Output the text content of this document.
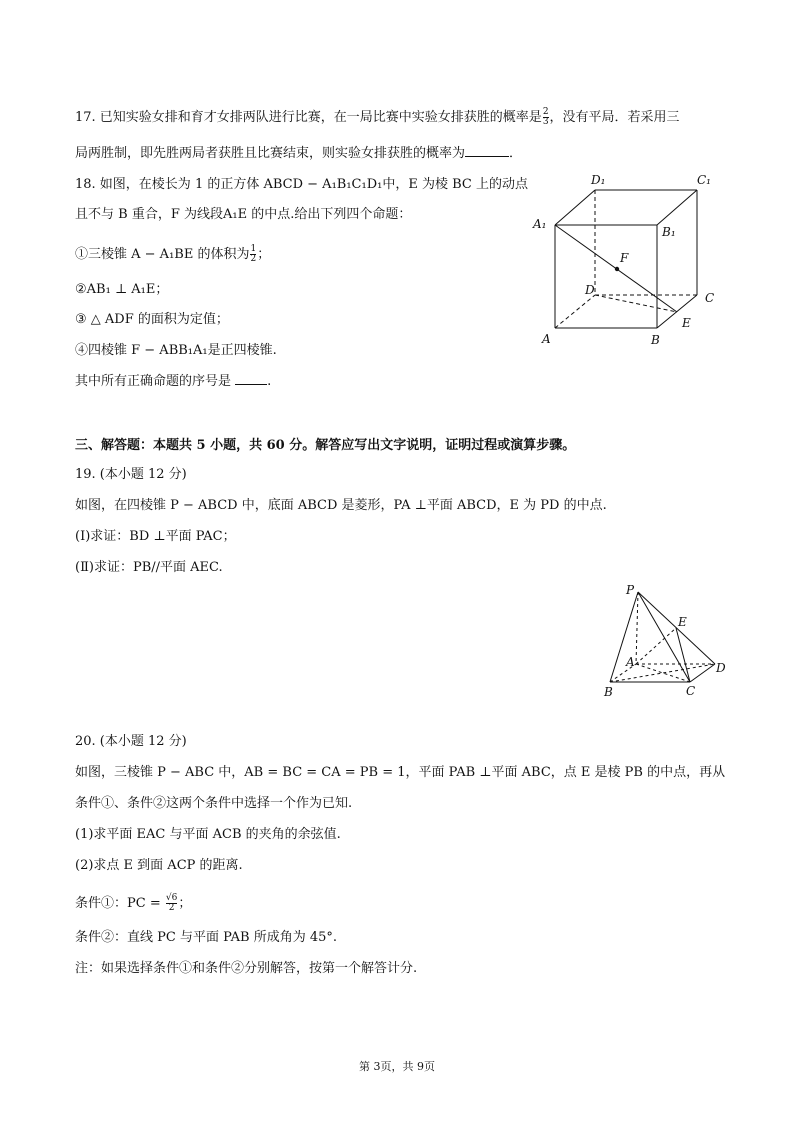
17. 已知实验女排和育才女排两队进行比赛，在一局比赛中实验女排获胜的概率是 $\frac{2}{3}$ ，没有平局．若采用三
局两胜制，即先胜两局者获胜且比赛结束，则实验女排获胜的概率为	．
18. 如图，在棱长为 1 的正方体 ABCD − A₁B₁C₁D₁中，E 为棱 BC 上的动点
且不与 B 重合，F 为线段A₁E 的中点.给出下列四个命题：
①三棱锥 A − A₁BE 的体积为 $\frac{1}{2}$ ；
②AB₁ ⊥ A₁E；
③ △ ADF 的面积为定值；
④四棱锥 F − ABB₁A₁是正四棱锥.
其中所有正确命题的序号是	.
D₁	C₁
A₁
B₁
F
D
C
E
A	B
三、解答题：本题共 5 小题，共 60 分。解答应写出文字说明，证明过程或演算步骤。
19. (本小题 12 分)
如图，在四棱锥 P − ABCD 中，底面 ABCD 是菱形，PA ⊥平面 ABCD，E 为 PD 的中点.
(Ⅰ)求证：BD ⊥平面 PAC；
(Ⅱ)求证：PB//平面 AEC.
P
E
A	D
B	C
20. (本小题 12 分)
如图，三棱锥 P − ABC 中，AB = BC = CA = PB = 1，平面 PAB ⊥平面 ABC，点 E 是棱 PB 的中点，再从
条件①、条件②这两个条件中选择一个作为已知.
(1)求平面 EAC 与平面 ACB 的夹角的余弦值.
(2)求点 E 到面 ACP 的距离.
条件①：PC = $\frac{√6}{2}$ ；
条件②：直线 PC 与平面 PAB 所成角为 45°.
注：如果选择条件①和条件②分别解答，按第一个解答计分.
第 3页，共 9页
